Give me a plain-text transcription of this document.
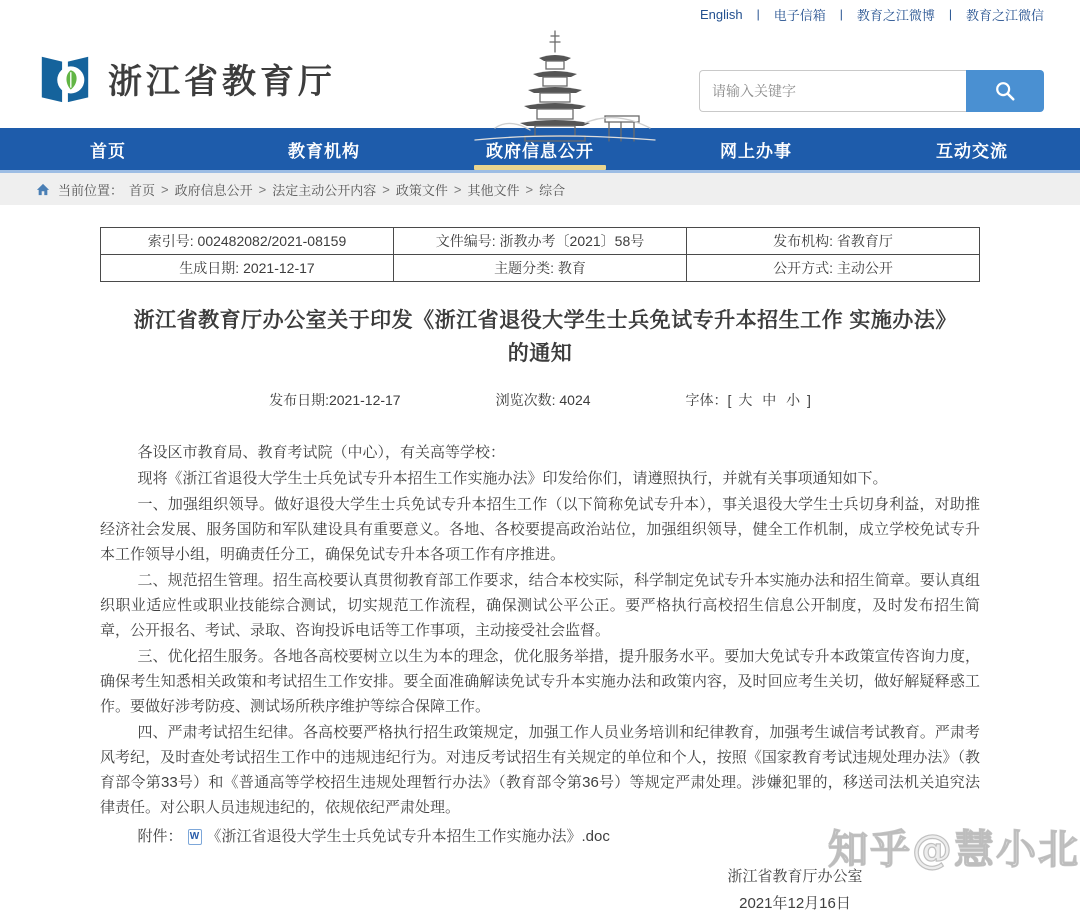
English | 电子信箱 | 教育之江微博 | 教育之江微信
浙江省教育厅
请输入关键字
首页	教育机构	政府信息公开	网上办事	互动交流
当前位置： 首页 > 政府信息公开 > 法定主动公开内容 > 政策文件 > 其他文件 > 综合
索引号: 002482082/2021-08159	文件编号: 浙教办考〔2021〕58号	发布机构: 省教育厅
生成日期: 2021-12-17	主题分类: 教育	公开方式: 主动公开
浙江省教育厅办公室关于印发《浙江省退役大学生士兵免试专升本招生工作 实施办法》的通知
发布日期:2021-12-17	浏览次数: 4024	字体：[ 大 中 小 ]

各设区市教育局、教育考试院（中心），有关高等学校：

现将《浙江省退役大学生士兵免试专升本招生工作实施办法》印发给你们，请遵照执行，并就有关事项通知如下。

一、加强组织领导。做好退役大学生士兵免试专升本招生工作（以下简称免试专升本），事关退役大学生士兵切身利益，对助推经济社会发展、服务国防和军队建设具有重要意义。各地、各校要提高政治站位，加强组织领导，健全工作机制，成立学校免试专升本工作领导小组，明确责任分工，确保免试专升本各项工作有序推进。

二、规范招生管理。招生高校要认真贯彻教育部工作要求，结合本校实际，科学制定免试专升本实施办法和招生简章。要认真组织职业适应性或职业技能综合测试，切实规范工作流程，确保测试公平公正。要严格执行高校招生信息公开制度，及时发布招生简章，公开报名、考试、录取、咨询投诉电话等工作事项，主动接受社会监督。

三、优化招生服务。各地各高校要树立以生为本的理念，优化服务举措，提升服务水平。要加大免试专升本政策宣传咨询力度，确保考生知悉相关政策和考试招生工作安排。要全面准确解读免试专升本实施办法和政策内容，及时回应考生关切，做好解疑释惑工作。要做好涉考防疫、测试场所秩序维护等综合保障工作。

四、严肃考试招生纪律。各高校要严格执行招生政策规定，加强工作人员业务培训和纪律教育，加强考生诚信考试教育。严肃考风考纪，及时查处考试招生工作中的违规违纪行为。对违反考试招生有关规定的单位和个人，按照《国家教育考试违规处理办法》（教育部令第33号）和《普通高等学校招生违规处理暂行办法》（教育部令第36号）等规定严肃处理。涉嫌犯罪的，移送司法机关追究法律责任。对公职人员违规违纪的，依规依纪严肃处理。

附件： W 《浙江省退役大学生士兵免试专升本招生工作实施办法》.doc
浙江省教育厅办公室
2021年12月16日
知乎@慧小北
